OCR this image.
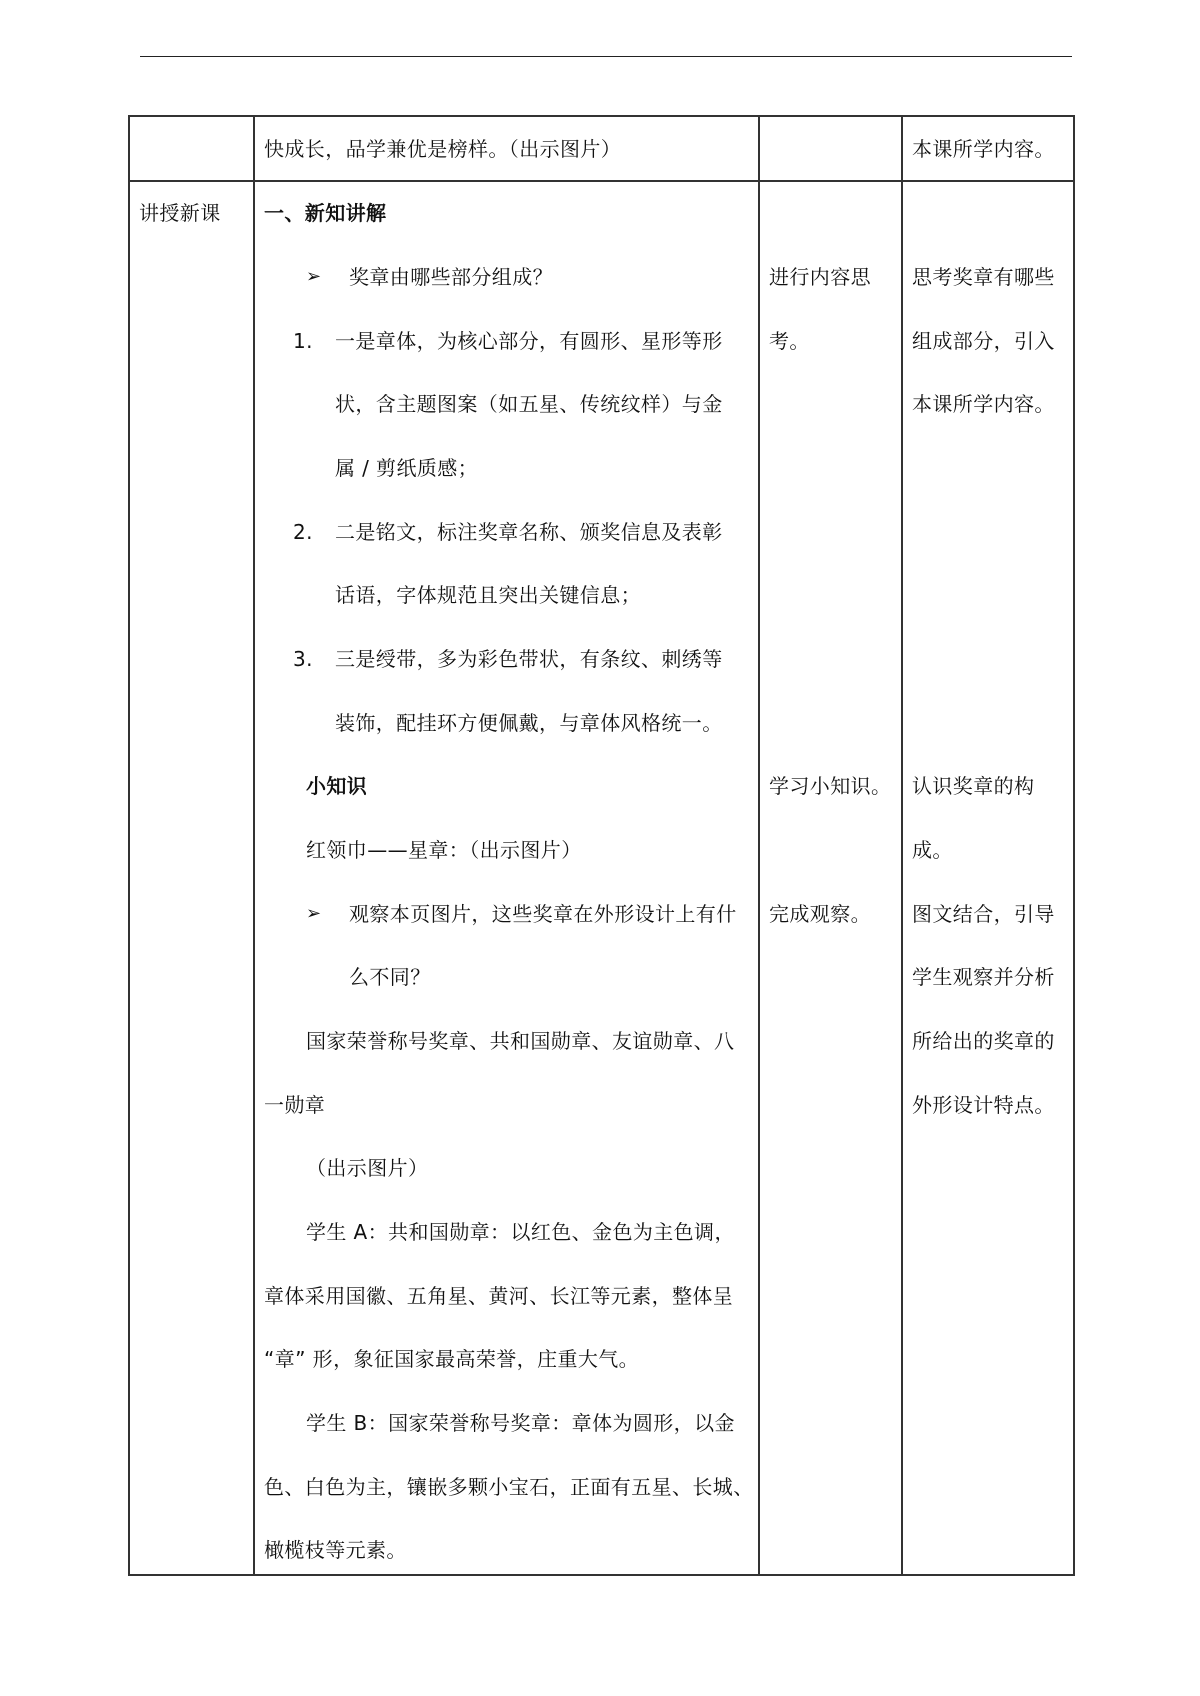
快成长，品学兼优是榜样。（出示图片）	本课所学内容。
讲授新课 一、新知讲解
➢ 奖章由哪些部分组成？
1. 一是章体，为核心部分，有圆形、星形等形
状，含主题图案（如五星、传统纹样）与金
属 / 剪纸质感；
2. 二是铭文，标注奖章名称、颁奖信息及表彰
话语，字体规范且突出关键信息；
3. 三是绶带，多为彩色带状，有条纹、刺绣等
装饰，配挂环方便佩戴，与章体风格统一。
小知识
红领巾——星章：（出示图片）
➢ 观察本页图片，这些奖章在外形设计上有什
么不同？
国家荣誉称号奖章、共和国勋章、友谊勋章、八
一勋章
（出示图片）
学生 A：共和国勋章：以红色、金色为主色调，
章体采用国徽、五角星、黄河、长江等元素，整体呈
“章” 形，象征国家最高荣誉，庄重大气。
学生 B：国家荣誉称号奖章：章体为圆形，以金
色、白色为主，镶嵌多颗小宝石，正面有五星、长城、
橄榄枝等元素。
进行内容思
考。
学习小知识。
完成观察。
思考奖章有哪些
组成部分，引入
本课所学内容。
认识奖章的构
成。
图文结合，引导
学生观察并分析
所给出的奖章的
外形设计特点。
